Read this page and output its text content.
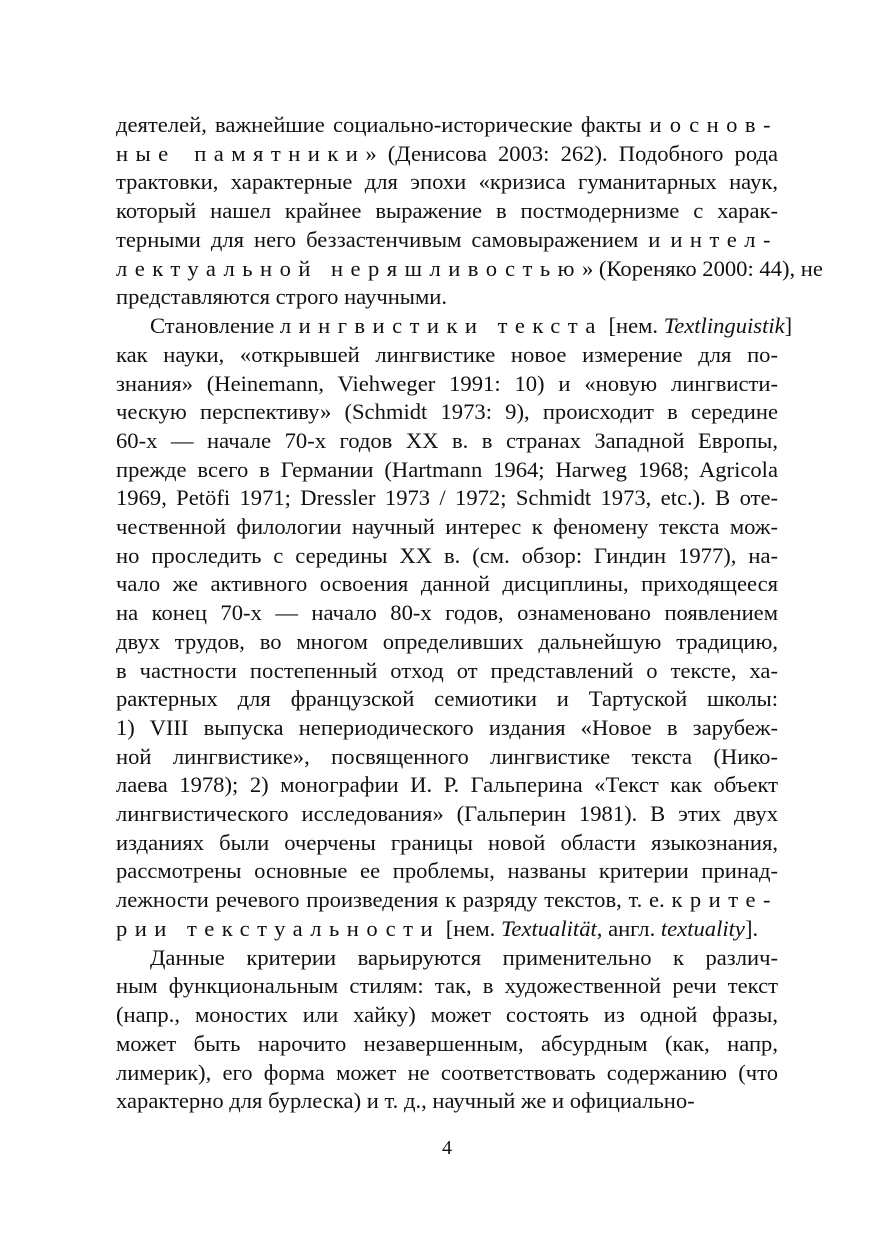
деятелей, важнейшие социально-исторические факты и основ-
ные памятники» (Денисова 2003: 262). Подобного рода
трактовки, характерные для эпохи «кризиса гуманитарных наук,
который нашел крайнее выражение в постмодернизме с харак-
терными для него беззастенчивым самовыражением и интел-
лектуальной неряшливостью» (Кореняко 2000: 44), не
представляются строго научными.
Становление лингвистики текста [нем. Textlinguistik]
как науки, «открывшей лингвистике новое измерение для по-
знания» (Heinemann, Viehweger 1991: 10) и «новую лингвисти-
ческую перспективу» (Schmidt 1973: 9), происходит в середине
60-х — начале 70-х годов XX в. в странах Западной Европы,
прежде всего в Германии (Hartmann 1964; Harweg 1968; Agricola
1969, Petöfi 1971; Dressler 1973 / 1972; Schmidt 1973, etc.). В оте-
чественной филологии научный интерес к феномену текста мож-
но проследить с середины XX в. (см. обзор: Гиндин 1977), на-
чало же активного освоения данной дисциплины, приходящееся
на конец 70-х — начало 80-х годов, ознаменовано появлением
двух трудов, во многом определивших дальнейшую традицию,
в частности постепенный отход от представлений о тексте, ха-
рактерных для французской семиотики и Тартуской школы:
1) VIII выпуска непериодического издания «Новое в зарубеж-
ной лингвистике», посвященного лингвистике текста (Нико-
лаева 1978); 2) монографии И. Р. Гальперина «Текст как объект
лингвистического исследования» (Гальперин 1981). В этих двух
изданиях были очерчены границы новой области языкознания,
рассмотрены основные ее проблемы, названы критерии принад-
лежности речевого произведения к разряду текстов, т. е. крите-
рии текстуальности [нем. Textualität, англ. textuality].
Данные критерии варьируются применительно к различ-
ным функциональным стилям: так, в художественной речи текст
(напр., моностих или хайку) может состоять из одной фразы,
может быть нарочито незавершенным, абсурдным (как, напр,
лимерик), его форма может не соответствовать содержанию (что
характерно для бурлеска) и т. д., научный же и официально-
4
